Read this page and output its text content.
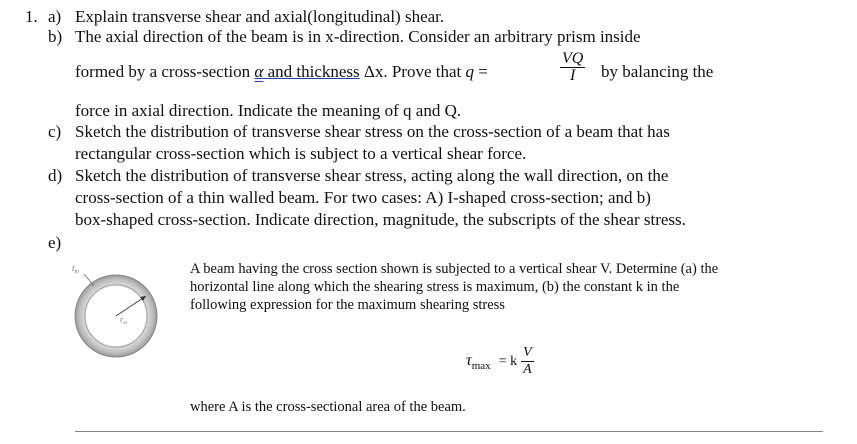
1. a) Explain transverse shear and axial(longitudinal) shear.
b) The axial direction of the beam is in x-direction. Consider an arbitrary prism inside
formed by a cross-section α and thickness Δx. Prove that q =	$\frac{VQ}{I}$ by balancing the
force in axial direction. Indicate the meaning of q and Q.
c) Sketch the distribution of transverse shear stress on the cross-section of a beam that has
rectangular cross-section which is subject to a vertical shear force.
d) Sketch the distribution of transverse shear stress, acting along the wall direction, on the
cross-section of a thin walled beam. For two cases: A) I-shaped cross-section; and b)
box-shaped cross-section. Indicate direction, magnitude, the subscripts of the shear stress.
e)
$t_m$
$r_m$
A beam having the cross section shown is subjected to a vertical shear V. Determine (a) the
horizontal line along which the shearing stress is maximum, (b) the constant k in the
following expression for the maximum shearing stress
$\tau_{max} = k \frac{V}{A}$
where A is the cross-sectional area of the beam.
